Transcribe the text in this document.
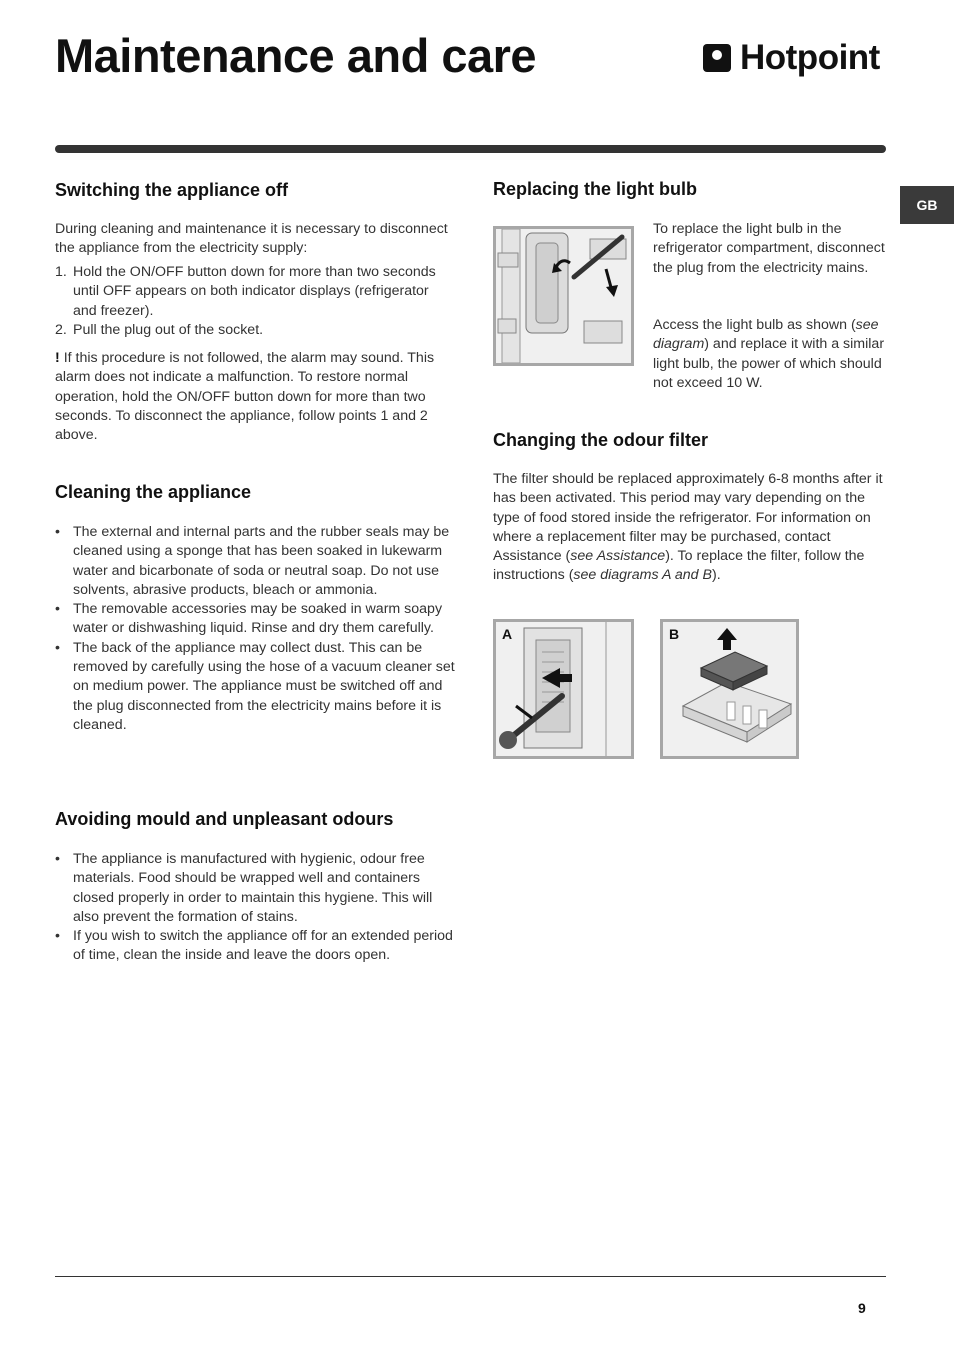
Maintenance and care	Hotpoint
GB
Switching the appliance off

During cleaning and maintenance it is necessary to disconnect the appliance from the electricity supply:

1. Hold the ON/OFF button down for more than two seconds until OFF appears on both indicator displays (refrigerator and freezer).
2. Pull the plug out of the socket.

! If this procedure is not followed, the alarm may sound. This alarm does not indicate a malfunction. To restore normal operation, hold the ON/OFF button down for more than two seconds. To disconnect the appliance, follow points 1 and 2 above.

Cleaning the appliance
• The external and internal parts and the rubber seals may be cleaned using a sponge that has been soaked in lukewarm water and bicarbonate of soda or neutral soap. Do not use solvents, abrasive products, bleach or ammonia.
• The removable accessories may be soaked in warm soapy water or dishwashing liquid. Rinse and dry them carefully.
• The back of the appliance may collect dust. This can be removed by carefully using the hose of a vacuum cleaner set on medium power. The appliance must be switched off and the plug disconnected from the electricity mains before it is cleaned.
Avoiding mould and unpleasant odours
• The appliance is manufactured with hygienic, odour free materials. Food should be wrapped well and containers closed properly in order to maintain this hygiene. This will also prevent the formation of stains.
• If you wish to switch the appliance off for an extended period of time, clean the inside and leave the doors open.
Replacing the light bulb

To replace the light bulb in the refrigerator compartment, disconnect the plug from the electricity mains.

Access the light bulb as shown (see diagram) and replace it with a similar light bulb, the power of which should not exceed 10 W.

Changing the odour filter

The filter should be replaced approximately 6-8 months after it has been activated. This period may vary depending on the type of food stored inside the refrigerator. For information on where a replacement filter may be purchased, contact Assistance (see Assistance). To replace the filter, follow the instructions (see diagrams A and B).

A	B
9
